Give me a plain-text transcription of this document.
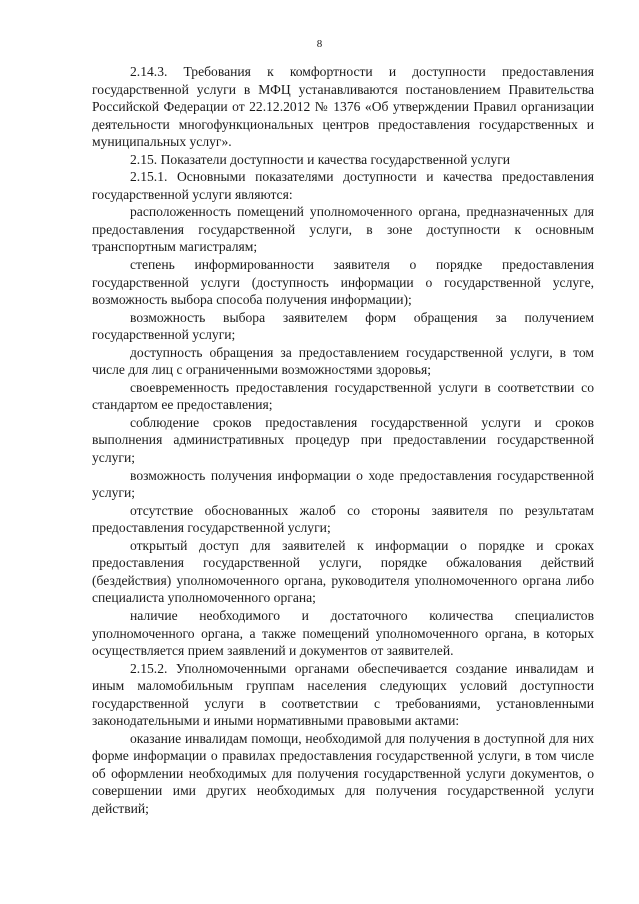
8

2.14.3. Требования к комфортности и доступности предоставления государственной услуги в МФЦ устанавливаются постановлением Правительства Российской Федерации от 22.12.2012 № 1376 «Об утверждении Правил организации деятельности многофункциональных центров предоставления государственных и муниципальных услуг».

2.15. Показатели доступности и качества государственной услуги

2.15.1. Основными показателями доступности и качества предоставления государственной услуги являются:

расположенность помещений уполномоченного органа, предназначенных для предоставления государственной услуги, в зоне доступности к основным транспортным магистралям;

степень информированности заявителя о порядке предоставления государственной услуги (доступность информации о государственной услуге, возможность выбора способа получения информации);

возможность выбора заявителем форм обращения за получением государственной услуги;

доступность обращения за предоставлением государственной услуги, в том числе для лиц с ограниченными возможностями здоровья;

своевременность предоставления государственной услуги в соответствии со стандартом ее предоставления;

соблюдение сроков предоставления государственной услуги и сроков выполнения административных процедур при предоставлении государственной услуги;

возможность получения информации о ходе предоставления государственной услуги;

отсутствие обоснованных жалоб со стороны заявителя по результатам предоставления государственной услуги;

открытый доступ для заявителей к информации о порядке и сроках предоставления государственной услуги, порядке обжалования действий (бездействия) уполномоченного органа, руководителя уполномоченного органа либо специалиста уполномоченного органа;

наличие необходимого и достаточного количества специалистов уполномоченного органа, а также помещений уполномоченного органа, в которых осуществляется прием заявлений и документов от заявителей.

2.15.2. Уполномоченными органами обеспечивается создание инвалидам и иным маломобильным группам населения следующих условий доступности государственной услуги в соответствии с требованиями, установленными законодательными и иными нормативными правовыми актами:

оказание инвалидам помощи, необходимой для получения в доступной для них форме информации о правилах предоставления государственной услуги, в том числе об оформлении необходимых для получения государственной услуги документов, о совершении ими других необходимых для получения государственной услуги действий;
